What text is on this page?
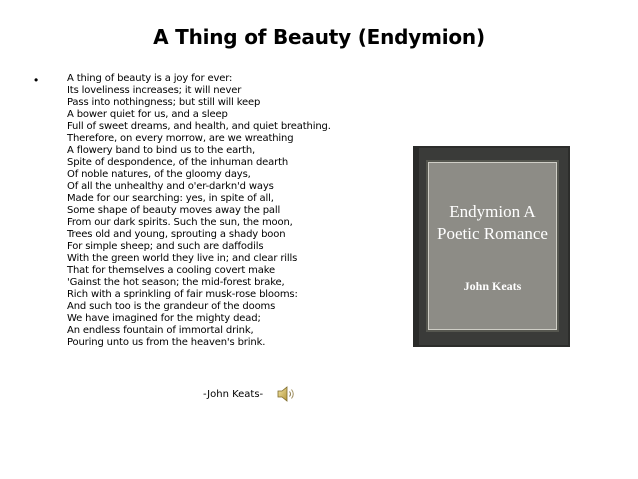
A Thing of Beauty (Endymion)
•	A thing of beauty is a joy for ever:
Its loveliness increases; it will never
Pass into nothingness; but still will keep
A bower quiet for us, and a sleep
Full of sweet dreams, and health, and quiet breathing.
Therefore, on every morrow, are we wreathing
A flowery band to bind us to the earth,
Spite of despondence, of the inhuman dearth
Of noble natures, of the gloomy days,
Of all the unhealthy and o'er-darkn'd ways
Made for our searching: yes, in spite of all,
Some shape of beauty moves away the pall
From our dark spirits. Such the sun, the moon,
Trees old and young, sprouting a shady boon
For simple sheep; and such are daffodils
With the green world they live in; and clear rills
That for themselves a cooling covert make
'Gainst the hot season; the mid-forest brake,
Rich with a sprinkling of fair musk-rose blooms:
And such too is the grandeur of the dooms
We have imagined for the mighty dead;
An endless fountain of immortal drink,
Pouring unto us from the heaven's brink.
-John Keats-
Endymion A
Poetic Romance
John Keats
